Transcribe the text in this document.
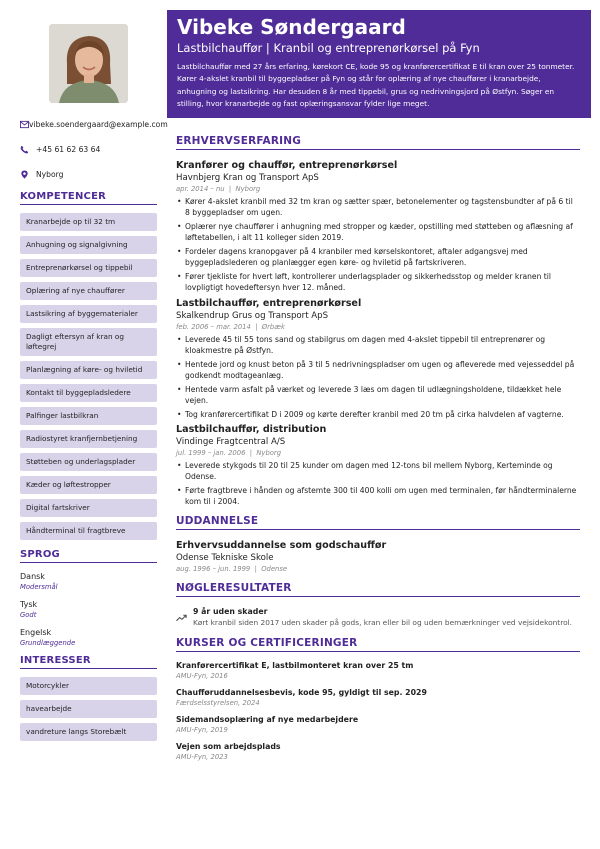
Vibeke Søndergaard
Lastbilchauffør | Kranbil og entreprenørkørsel på Fyn
Lastbilchauffør med 27 års erfaring, kørekort CE, kode 95 og kranførercertifikat E til kran over 25 tonmeter. Kører 4-akslet kranbil til byggepladser på Fyn og står for oplæring af nye chauffører i kranarbejde, anhugning og lastsikring. Har desuden 8 år med tippebil, grus og nedrivningsjord på Østfyn. Søger en stilling, hvor kranarbejde og fast oplæringsansvar fylder lige meget.
vibeke.soendergaard@example.com
+45 61 62 63 64
Nyborg
KOMPETENCER
Kranarbejde op til 32 tm
Anhugning og signalgivning
Entreprenørkørsel og tippebil
Oplæring af nye chauffører
Lastsikring af byggematerialer
Dagligt eftersyn af kran og løftegrej
Planlægning af køre- og hviletid
Kontakt til byggepladsledere
Palfinger lastbilkran
Radiostyret kranfjernbetjening
Støtteben og underlagsplader
Kæder og løftestropper
Digital fartskriver
Håndterminal til fragtbreve
SPROG
Dansk
Modersmål
Tysk
Godt
Engelsk
Grundlæggende
INTERESSER
Motorcykler
havearbejde
vandreture langs Storebælt
ERHVERVSERFARING
Kranfører og chauffør, entreprenørkørsel
Havnbjerg Kran og Transport ApS
apr. 2014 – nu  |  Nyborg
• Kører 4-akslet kranbil med 32 tm kran og sætter spær, betonelementer og tagstensbundter af på 6 til 8 byggepladser om ugen.
• Oplærer nye chauffører i anhugning med stropper og kæder, opstilling med støtteben og aflæsning af løftetabellen, i alt 11 kolleger siden 2019.
• Fordeler dagens kranopgaver på 4 kranbiler med kørselskontoret, aftaler adgangsvej med byggepladslederen og planlægger egen køre- og hviletid på fartskriveren.
• Fører tjekliste for hvert løft, kontrollerer underlagsplader og sikkerhedsstop og melder kranen til lovpligtigt hovedeftersyn hver 12. måned.
Lastbilchauffør, entreprenørkørsel
Skalkendrup Grus og Transport ApS
feb. 2006 – mar. 2014  |  Ørbæk
• Leverede 45 til 55 tons sand og stabilgrus om dagen med 4-akslet tippebil til entreprenører og kloakmestre på Østfyn.
• Hentede jord og knust beton på 3 til 5 nedrivningspladser om ugen og afleverede med vejesseddel på godkendt modtageanlæg.
• Hentede varm asfalt på værket og leverede 3 læs om dagen til udlægningsholdene, tildækket hele vejen.
• Tog kranførercertifikat D i 2009 og kørte derefter kranbil med 20 tm på cirka halvdelen af vagterne.
Lastbilchauffør, distribution
Vindinge Fragtcentral A/S
jul. 1999 – jan. 2006  |  Nyborg
• Leverede stykgods til 20 til 25 kunder om dagen med 12-tons bil mellem Nyborg, Kerteminde og Odense.
• Førte fragtbreve i hånden og afstemte 300 til 400 kolli om ugen med terminalen, før håndterminalerne kom til i 2004.
UDDANNELSE
Erhvervsuddannelse som godschauffør
Odense Tekniske Skole
aug. 1996 – jun. 1999  |  Odense
NØGLERESULTATER
9 år uden skader
Kørt kranbil siden 2017 uden skader på gods, kran eller bil og uden bemærkninger ved vejsidekontrol.
KURSER OG CERTIFICERINGER
Kranførercertifikat E, lastbilmonteret kran over 25 tm
AMU-Fyn, 2016
Chaufføruddannelsesbevis, kode 95, gyldigt til sep. 2029
Færdselsstyrelsen, 2024
Sidemandsoplæring af nye medarbejdere
AMU-Fyn, 2019
Vejen som arbejdsplads
AMU-Fyn, 2023
